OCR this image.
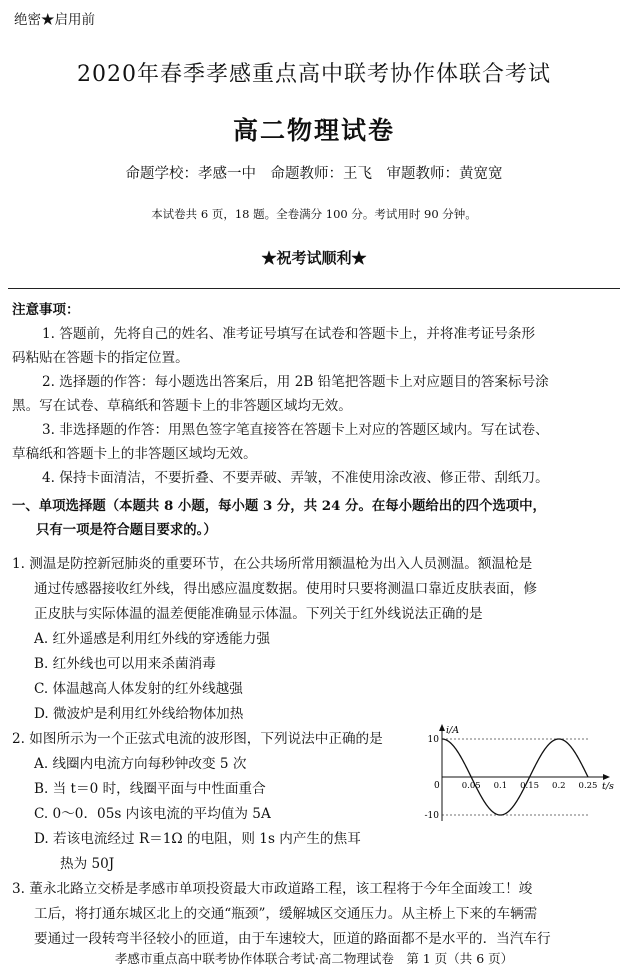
绝密★启用前
2020年春季孝感重点高中联考协作体联合考试
高二物理试卷
命题学校：孝感一中　命题教师：王飞　审题教师：黄宽宽
本试卷共 6 页，18 题。全卷满分 100 分。考试用时 90 分钟。
★祝考试顺利★
注意事项：
1. 答题前，先将自己的姓名、准考证号填写在试卷和答题卡上，并将准考证号条形
码粘贴在答题卡的指定位置。
2. 选择题的作答：每小题选出答案后，用 2B 铅笔把答题卡上对应题目的答案标号涂
黑。写在试卷、草稿纸和答题卡上的非答题区域均无效。
3. 非选择题的作答：用黑色签字笔直接答在答题卡上对应的答题区域内。写在试卷、
草稿纸和答题卡上的非答题区域均无效。
4. 保持卡面清洁，不要折叠、不要弄破、弄皱，不准使用涂改液、修正带、刮纸刀。
一、单项选择题（本题共 8 小题，每小题 3 分，共 24 分。在每小题给出的四个选项中，
只有一项是符合题目要求的。）
1. 测温是防控新冠肺炎的重要环节，在公共场所常用额温枪为出入人员测温。额温枪是
通过传感器接收红外线，得出感应温度数据。使用时只要将测温口靠近皮肤表面，修
正皮肤与实际体温的温差便能准确显示体温。下列关于红外线说法正确的是
A. 红外遥感是利用红外线的穿透能力强
B. 红外线也可以用来杀菌消毒
C. 体温越高人体发射的红外线越强
D. 微波炉是利用红外线给物体加热
2. 如图所示为一个正弦式电流的波形图，下列说法中正确的是
A. 线圈内电流方向每秒钟改变 5 次
B. 当 t＝0 时，线圈平面与中性面重合
C. 0～0．05s 内该电流的平均值为 5A
D. 若该电流经过 R＝1Ω 的电阻，则 1s 内产生的焦耳
热为 50J
i/A
t/s
0	0.05 0.1 0.15 0.2 0.25
10
-10
3. 董永北路立交桥是孝感市单项投资最大市政道路工程，该工程将于今年全面竣工！竣
工后，将打通东城区北上的交通“瓶颈”，缓解城区交通压力。从主桥上下来的车辆需
要通过一段转弯半径较小的匝道，由于车速较大，匝道的路面都不是水平的．当汽车行
孝感市重点高中联考协作体联合考试·高二物理试卷　第 1 页（共 6 页）
